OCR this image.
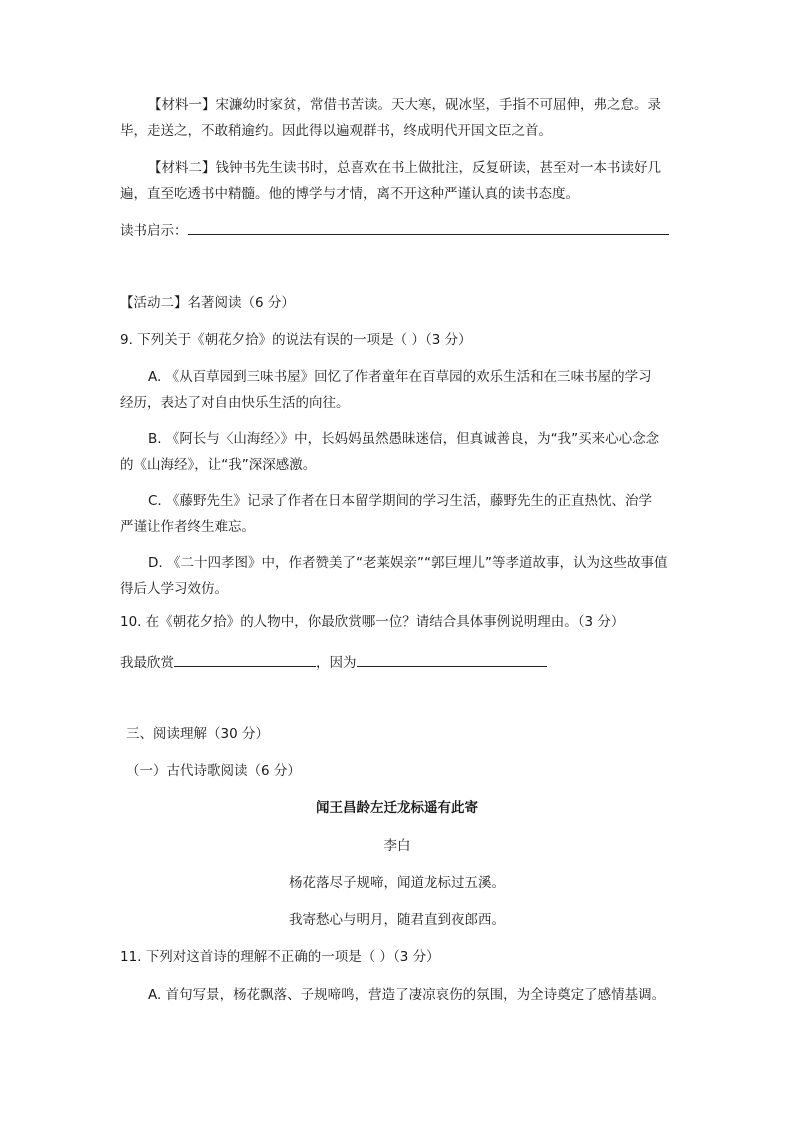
【材料一】宋濂幼时家贫，常借书苦读。天大寒，砚冰坚，手指不可屈伸，弗之怠。录
毕，走送之，不敢稍逾约。因此得以遍观群书，终成明代开国文臣之首。
【材料二】钱钟书先生读书时，总喜欢在书上做批注，反复研读，甚至对一本书读好几
遍，直至吃透书中精髓。他的博学与才情，离不开这种严谨认真的读书态度。
读书启示：
【活动二】名著阅读（6 分）
9. 下列关于《朝花夕拾》的说法有误的一项是（ ）（3 分）
A. 《从百草园到三味书屋》回忆了作者童年在百草园的欢乐生活和在三味书屋的学习
经历，表达了对自由快乐生活的向往。
B. 《阿长与〈山海经〉》中，长妈妈虽然愚昧迷信，但真诚善良，为“我”买来心心念念
的《山海经》，让“我”深深感激。
C. 《藤野先生》记录了作者在日本留学期间的学习生活，藤野先生的正直热忱、治学
严谨让作者终生难忘。
D. 《二十四孝图》中，作者赞美了“老莱娱亲”“郭巨埋儿”等孝道故事，认为这些故事值
得后人学习效仿。
10. 在《朝花夕拾》的人物中，你最欣赏哪一位？请结合具体事例说明理由。（3 分）
我最欣赏	，因为
三、阅读理解（30 分）
（一）古代诗歌阅读（6 分）
闻王昌龄左迁龙标遥有此寄
李白
杨花落尽子规啼，闻道龙标过五溪。
我寄愁心与明月，随君直到夜郎西。
11. 下列对这首诗的理解不正确的一项是（ ）（3 分）
A. 首句写景，杨花飘落、子规啼鸣，营造了凄凉哀伤的氛围，为全诗奠定了感情基调。
